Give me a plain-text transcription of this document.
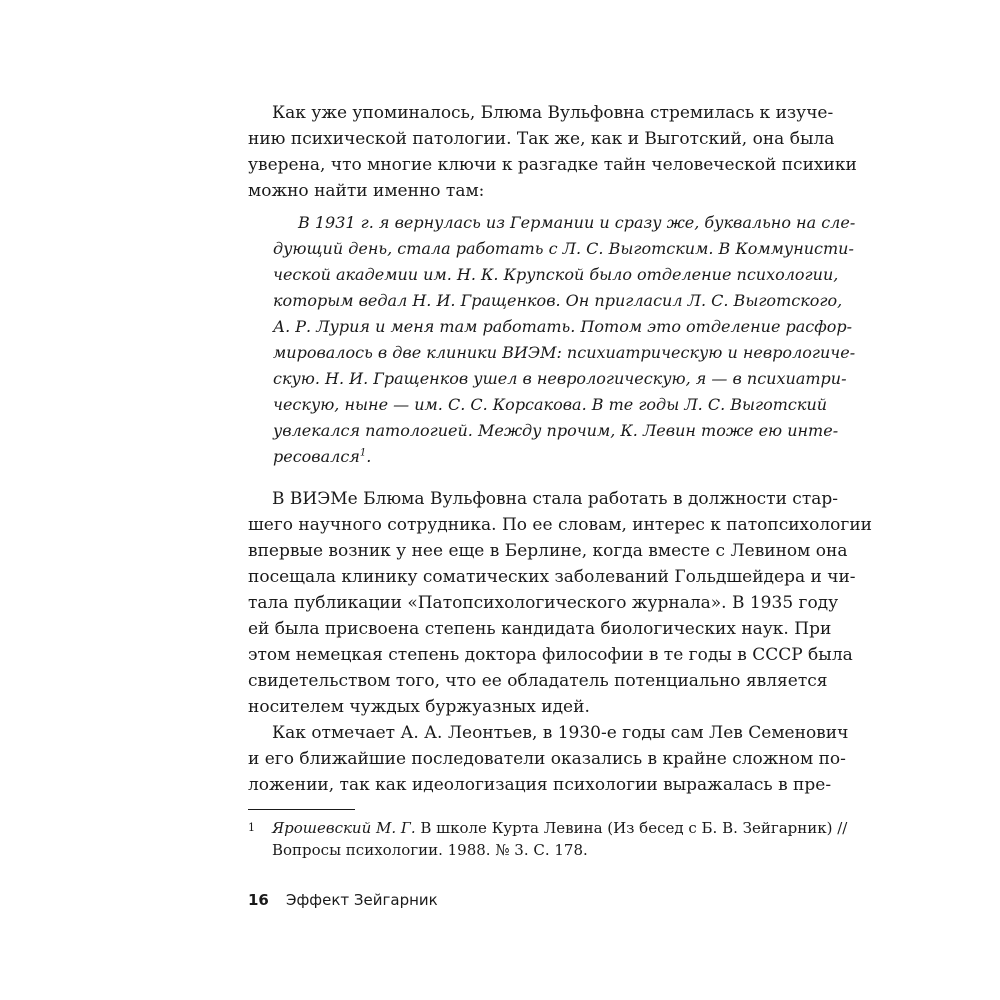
Как уже упоминалось, Блюма Вульфовна стремилась к изуче-

нию психической патологии. Так же, как и Выготский, она была

уверена, что многие ключи к разгадке тайн человеческой психики

можно найти именно там:

В 1931 г. я вернулась из Германии и сразу же, буквально на сле-

дующий день, стала работать с Л. С. Выготским. В Коммунисти-

ческой академии им. Н. К. Крупской было отделение психологии,

которым ведал Н. И. Гращенков. Он пригласил Л. С. Выготского,

А. Р. Лурия и меня там работать. Потом это отделение расфор-

мировалось в две клиники ВИЭМ: психиатрическую и неврологиче-

скую. Н. И. Гращенков ушел в неврологическую, я — в психиатри-

ческую, ныне — им. С. С. Корсакова. В те годы Л. С. Выготский

увлекался патологией. Между прочим, К. Левин тоже ею инте-

ресовался$^1$.

В ВИЭМе Блюма Вульфовна стала работать в должности стар-

шего научного сотрудника. По ее словам, интерес к патопсихологии

впервые возник у нее еще в Берлине, когда вместе с Левином она

посещала клинику соматических заболеваний Гольдшейдера и чи-

тала публикации «Патопсихологического журнала». В 1935 году

ей была присвоена степень кандидата биологических наук. При

этом немецкая степень доктора философии в те годы в СССР была

свидетельством того, что ее обладатель потенциально является

носителем чуждых буржуазных идей.

Как отмечает А. А. Леонтьев, в 1930-е годы сам Лев Семенович

и его ближайшие последователи оказались в крайне сложном по-

ложении, так как идеологизация психологии выражалась в пре-

1 Ярошевский М. Г. В школе Курта Левина (Из бесед с Б. В. Зейгарник) //

Вопросы психологии. 1988. № 3. С. 178.

16 Эффект Зейгарник
